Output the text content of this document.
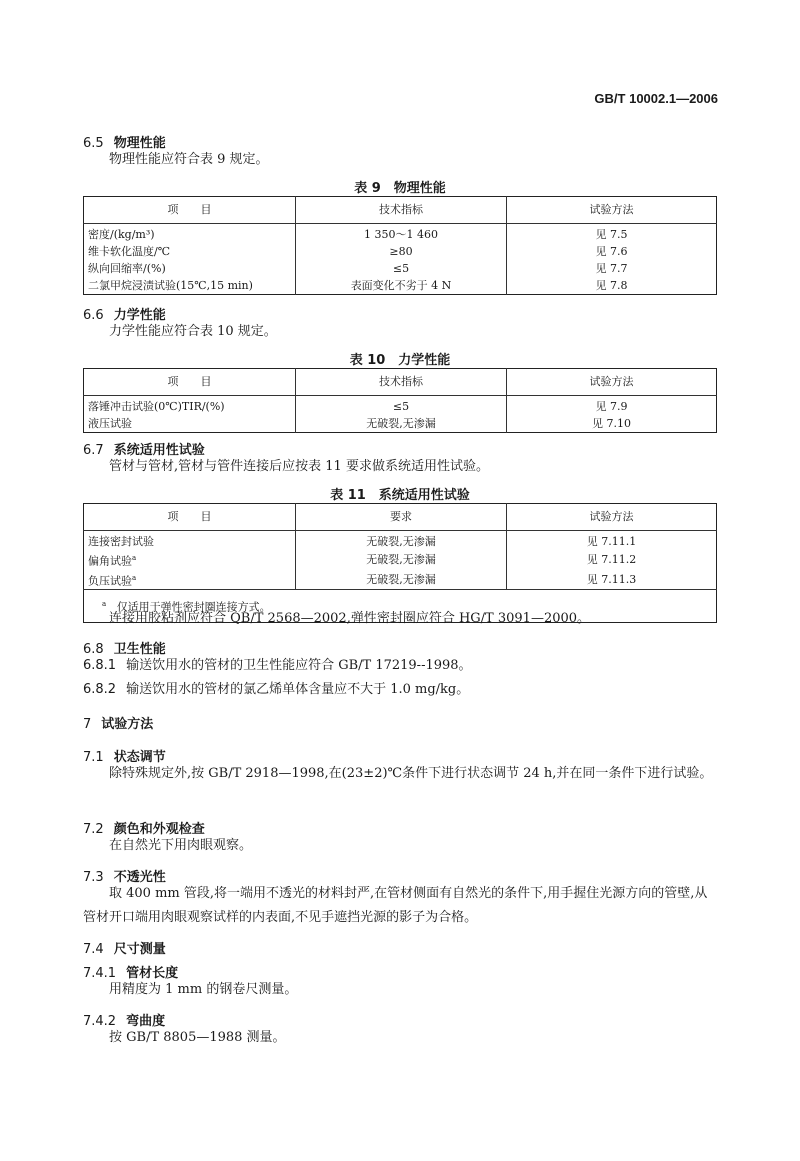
GB/T 10002.1—2006
6.5 物理性能
物理性能应符合表 9 规定。
表 9　物理性能
项　　目	技术指标	试验方法
密度/(kg/m³)	1 350～1 460	见 7.5
维卡软化温度/℃	≥80	见 7.6
纵向回缩率/(%)	≤5	见 7.7
二氯甲烷浸渍试验(15℃,15 min)	表面变化不劣于 4 N	见 7.8
6.6 力学性能
力学性能应符合表 10 规定。
表 10　力学性能
项　　目	技术指标	试验方法
落锤冲击试验(0℃)TIR/(%)	≤5	见 7.9
液压试验	无破裂,无渗漏	见 7.10
6.7 系统适用性试验
管材与管材,管材与管件连接后应按表 11 要求做系统适用性试验。
表 11　系统适用性试验
项　　目	要求	试验方法
连接密封试验	无破裂,无渗漏	见 7.11.1
偏角试验$^a$	无破裂,无渗漏	见 7.11.2
负压试验$^a$	无破裂,无渗漏	见 7.11.3
$^a$ 仅适用于弹性密封圈连接方式。		
连接用胶粘剂应符合 QB/T 2568—2002,弹性密封圈应符合 HG/T 3091—2000。
6.8 卫生性能
6.8.1 输送饮用水的管材的卫生性能应符合 GB/T 17219--1998。
6.8.2 输送饮用水的管材的氯乙烯单体含量应不大于 1.0 mg/kg。
7 试验方法
7.1 状态调节
除特殊规定外,按 GB/T 2918—1998,在(23±2)℃条件下进行状态调节 24 h,并在同一条件下进行试验。
7.2 颜色和外观检查
在自然光下用肉眼观察。
7.3 不透光性
取 400 mm 管段,将一端用不透光的材料封严,在管材侧面有自然光的条件下,用手握住光源方向的管壁,从管材开口端用肉眼观察试样的内表面,不见手遮挡光源的影子为合格。
7.4 尺寸测量
7.4.1 管材长度
用精度为 1 mm 的钢卷尺测量。
7.4.2 弯曲度
按 GB/T 8805—1988 测量。
